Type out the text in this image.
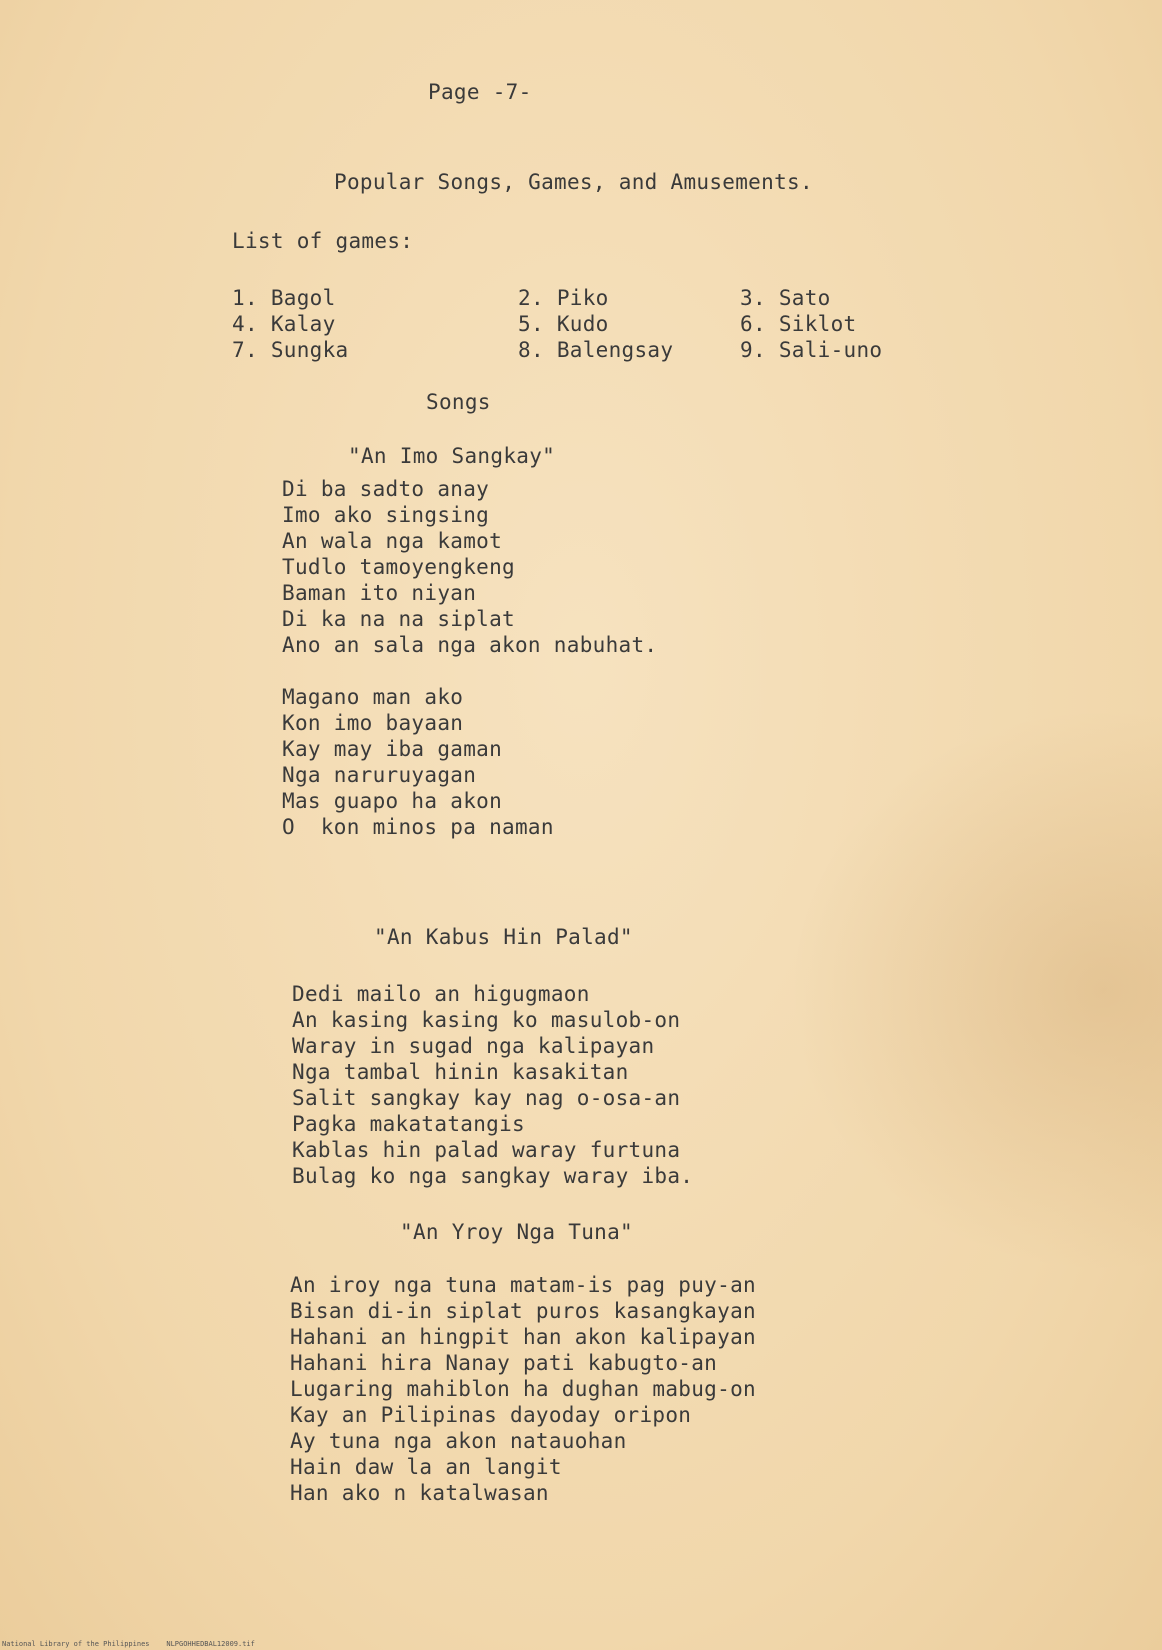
Page -7-
Popular Songs, Games, and Amusements.
List of games:
1. Bagol	2. Piko	3. Sato
4. Kalay	5. Kudo	6. Siklot
7. Sungka	8. Balengsay	9. Sali-uno
Songs
"An Imo Sangkay"
Di ba sadto anay
Imo ako singsing
An wala nga kamot
Tudlo tamoyengkeng
Baman ito niyan
Di ka na na siplat
Ano an sala nga akon nabuhat.
Magano man ako
Kon imo bayaan
Kay may iba gaman
Nga naruruyagan
Mas guapo ha akon
O  kon minos pa naman
"An Kabus Hin Palad"
Dedi mailo an higugmaon
An kasing kasing ko masulob-on
Waray in sugad nga kalipayan
Nga tambal hinin kasakitan
Salit sangkay kay nag o-osa-an
Pagka makatatangis
Kablas hin palad waray furtuna
Bulag ko nga sangkay waray iba.
"An Yroy Nga Tuna"
An iroy nga tuna matam-is pag puy-an
Bisan di-in siplat puros kasangkayan
Hahani an hingpit han akon kalipayan
Hahani hira Nanay pati kabugto-an
Lugaring mahiblon ha dughan mabug-on
Kay an Pilipinas dayoday oripon
Ay tuna nga akon natauohan
Hain daw la an langit
Han ako n katalwasan
National Library of the Philippines    NLPGOHHEDBAL12009.tif
